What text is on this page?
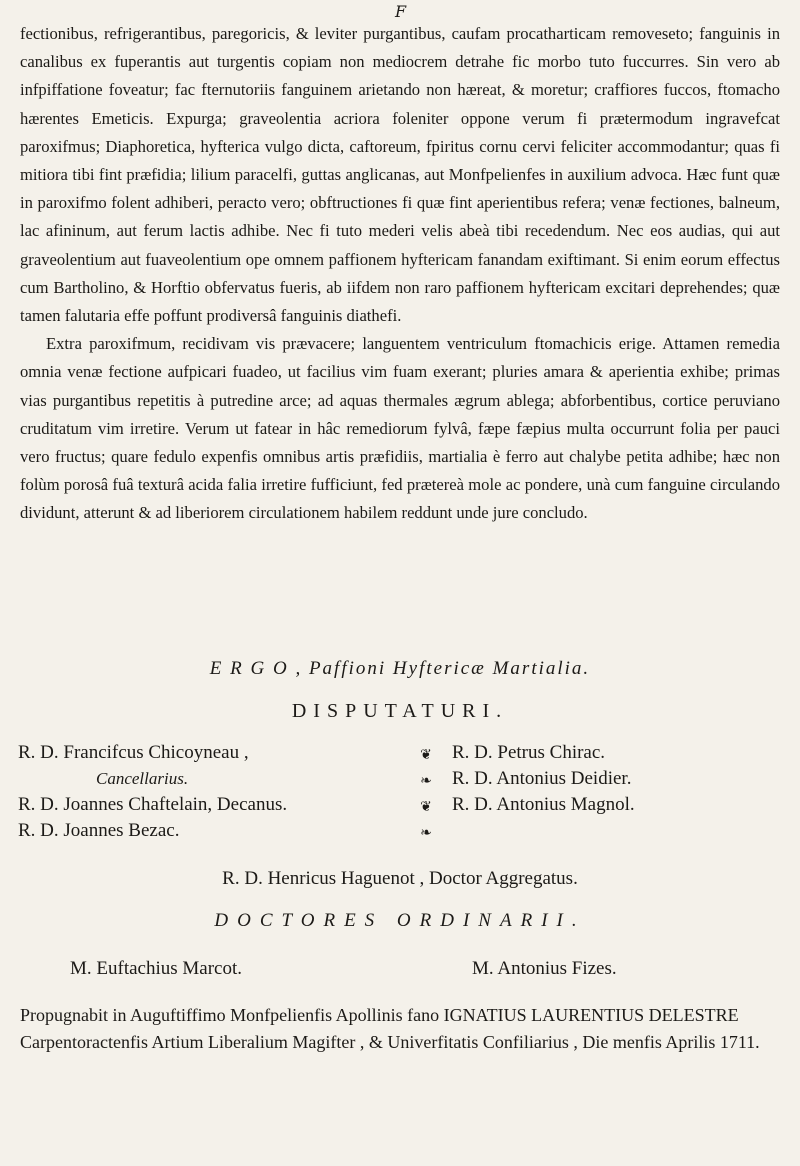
F

fectionibus, refrigerantibus, paregoricis, & leviter purgantibus, caufam procatharticam removeseto; fanguinis in canalibus ex fuperantis aut turgentis copiam non mediocrem detrahe fic morbo tuto fuccurres. Sin vero ab infpiffatione foveatur; fac fternutoriis fanguinem arietando non hæreat, & moretur; craffiores fuccos, ftomacho hærentes Emeticis. Expurga; graveolentia acriora foleniter oppone verum fi prætermodum ingravefcat paroxifmus; Diaphoretica, hyfterica vulgo dicta, caftoreum, fpiritus cornu cervi feliciter accommodantur; quas fi mitiora tibi fint præfidia; lilium paracelfi, guttas anglicanas, aut Monfpelienfes in auxilium advoca. Hæc funt quæ in paroxifmo folent adhiberi, peracto vero; obftructiones fi quæ fint aperientibus refera; venæ fectiones, balneum, lac afininum, aut ferum lactis adhibe. Nec fi tuto mederi velis abeà tibi recedendum. Nec eos audias, qui aut graveolentium aut fuaveolentium ope omnem paffionem hyftericam fanandam exiftimant. Si enim eorum effectus cum Bartholino, & Horftio obfervatus fueris, ab iifdem non raro paffionem hyftericam excitari deprehendes; quæ tamen falutaria effe poffunt prodiversâ fanguinis diathefi.

Extra paroxifmum, recidivam vis prævacere; languentem ventriculum ftomachicis erige. Attamen remedia omnia venæ fectione aufpicari fuadeo, ut facilius vim fuam exerant; pluries amara & aperientia exhibe; primas vias purgantibus repetitis à putredine arce; ad aquas thermales ægrum ablega; abforbentibus, cortice peruviano cruditatum vim irretire. Verum ut fatear in hâc remediorum fylvâ, fæpe fæpius multa occurrunt folia per pauci vero fructus; quare fedulo expenfis omnibus artis præfidiis, martialia è ferro aut chalybe petita adhibe; hæc non folùm porosâ fuâ texturâ acida falia irretire fufficiunt, fed prætereà mole ac pondere, unà cum fanguine circulando dividunt, atterunt & ad liberiorem circulationem habilem reddunt unde jure concludo.

E R G O , Paffioni Hyftericæ Martialia.
DISPUTATURI.
R. D. Francifcus Chicoyneau ,
Cancellarius.
R. D. Joannes Chaftelain, Decanus.
R. D. Joannes Bezac.
❦
❧
❦
❧
R. D. Petrus Chirac.
R. D. Antonius Deidier.
R. D. Antonius Magnol.
R. D. Henricus Haguenot , Doctor Aggregatus.
DOCTORES ORDINARII.
M. Euftachius Marcot.	M. Antonius Fizes.
Propugnabit in Auguftiffimo Monfpelienfis Apollinis fano IGNATIUS LAURENTIUS DELESTRE Carpentoractenfis Artium Liberalium Magifter , & Univerfitatis Confiliarius , Die menfis Aprilis 1711.
